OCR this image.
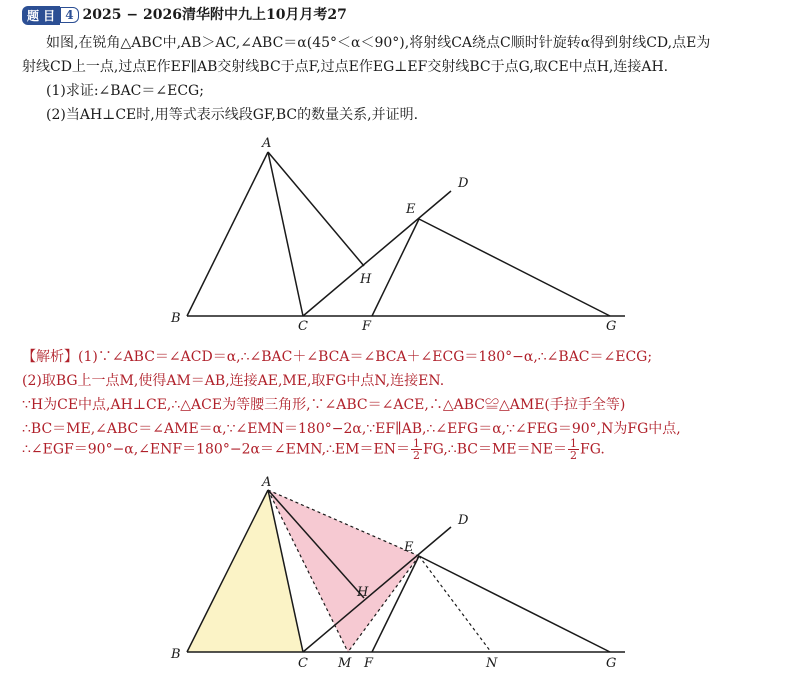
题 目 4 2025 − 2026清华附中九上10月月考27
如图,在锐角△ABC中,AB＞AC,∠ABC＝α(45°＜α＜90°),将射线CA绕点C顺时针旋转α得到射线CD,点E为
射线CD上一点,过点E作EF∥AB交射线BC于点F,过点E作EG⊥EF交射线BC于点G,取CE中点H,连接AH.
(1)求证:∠BAC＝∠ECG;
(2)当AH⊥CE时,用等式表示线段GF,BC的数量关系,并证明.
A
B
C
D
E
F	G
H
【解析】(1)∵∠ABC＝∠ACD＝α,∴∠BAC＋∠BCA＝∠BCA＋∠ECG＝180°−α,∴∠BAC＝∠ECG;
(2)取BG上一点M,使得AM＝AB,连接AE,ME,取FG中点N,连接EN.
∵H为CE中点,AH⊥CE,∴△ACE为等腰三角形,∵∠ABC＝∠ACE,∴△ABC≌△AME(手拉手全等)
∴BC＝ME,∠ABC＝∠AME＝α,∵∠EMN＝180°−2α,∵EF∥AB,∴∠EFG＝α,∵∠FEG＝90°,N为FG中点,
∴∠EGF＝90°−α,∠ENF＝180°−2α＝∠EMN,∴EM＝EN＝ $\frac{1}{2}$ FG,∴BC＝ME＝NE＝ $\frac{1}{2}$ FG.
A
B
C
D
E
F	G
H
M	N
